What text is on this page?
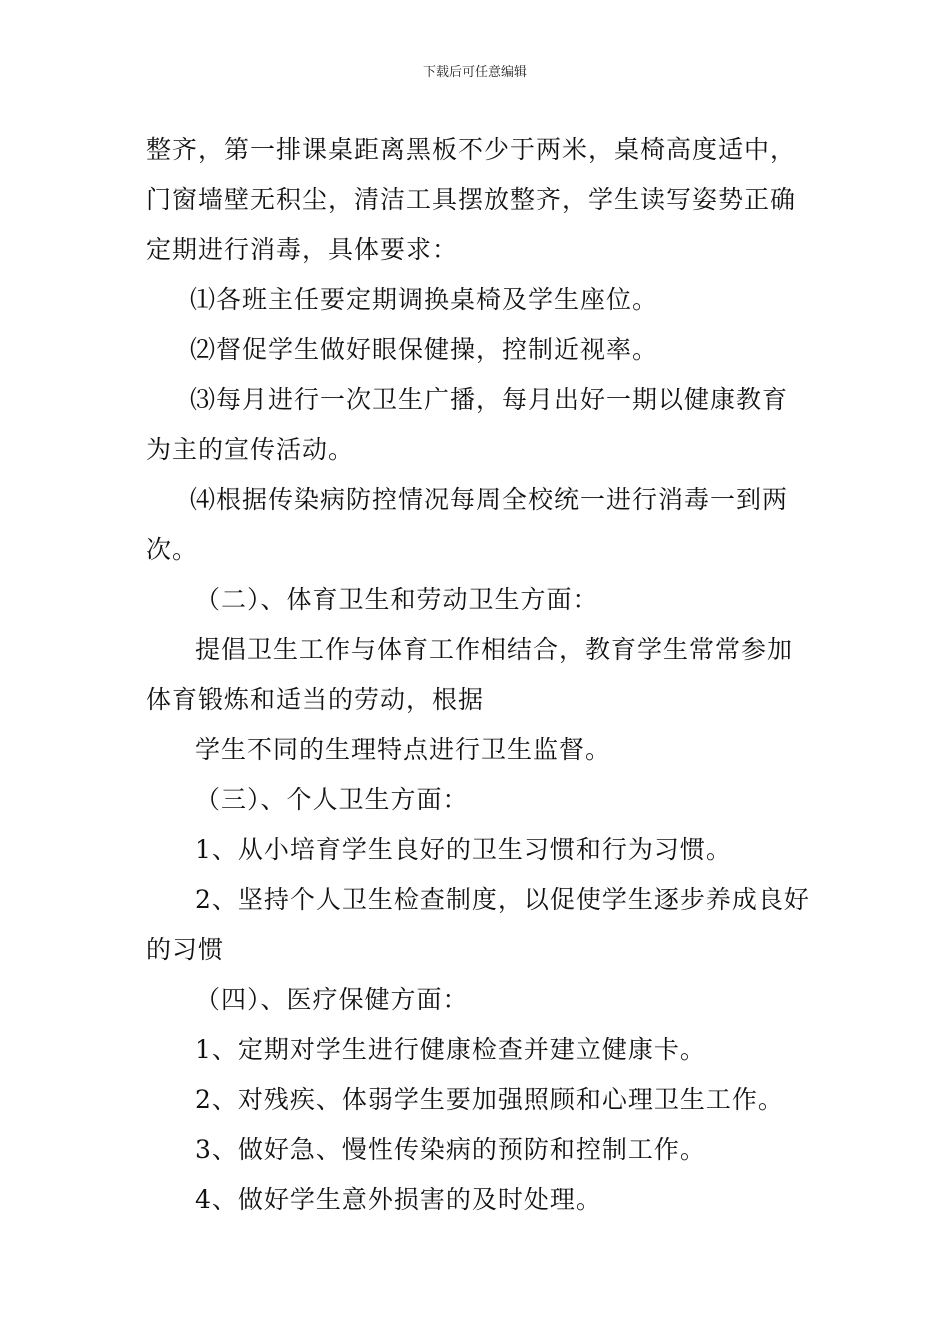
下载后可任意编辑
整齐，第一排课桌距离黑板不少于两米，桌椅高度适中，
门窗墙壁无积尘，清洁工具摆放整齐，学生读写姿势正确
定期进行消毒，具体要求：
⑴各班主任要定期调换桌椅及学生座位。
⑵督促学生做好眼保健操，控制近视率。
⑶每月进行一次卫生广播，每月出好一期以健康教育
为主的宣传活动。
⑷根据传染病防控情况每周全校统一进行消毒一到两
次。
（二）、体育卫生和劳动卫生方面：
提倡卫生工作与体育工作相结合，教育学生常常参加
体育锻炼和适当的劳动，根据
学生不同的生理特点进行卫生监督。
（三）、个人卫生方面：
1、从小培育学生良好的卫生习惯和行为习惯。
2、坚持个人卫生检查制度，以促使学生逐步养成良好
的习惯
（四）、医疗保健方面：
1、定期对学生进行健康检查并建立健康卡。
2、对残疾、体弱学生要加强照顾和心理卫生工作。
3、做好急、慢性传染病的预防和控制工作。
4、做好学生意外损害的及时处理。
